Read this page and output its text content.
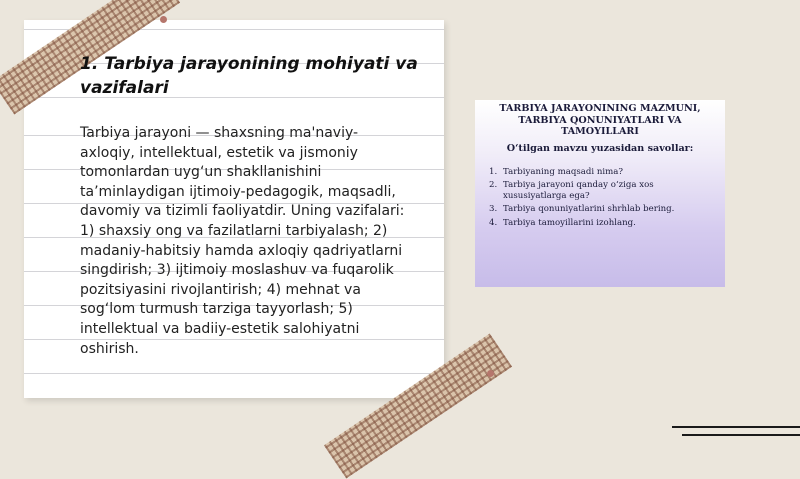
1. Tarbiya jarayonining mohiyati va vazifalari

Tarbiya jarayoni — shaxsning ma'naviy-axloqiy, intellektual, estetik va jismoniy tomonlardan uyg‘un shakllanishini ta’minlaydigan ijtimoiy-pedagogik, maqsadli, davomiy va tizimli faoliyatdir. Uning vazifalari: 1) shaxsiy ong va fazilatlarni tarbiyalash; 2) madaniy-habitsiy hamda axloqiy qadriyatlarni singdirish; 3) ijtimoiy moslashuv va fuqarolik pozitsiyasini rivojlantirish; 4) mehnat va sog‘lom turmush tarziga tayyorlash; 5) intellektual va badiiy-estetik salohiyatni oshirish.

TARBIYA JARAYONINING MAZMUNI, TARBIYA QONUNIYATLARI VA TAMOYILLARI

O‘tilgan mavzu yuzasidan savollar:

1. Tarbiyaning maqsadi nima?
2. Tarbiya jarayoni qanday o‘ziga xos xususiyatlarga ega?
3. Tarbiya qonuniyatlarini shrhlab bering.
4. Tarbiya tamoyillarini izohlang.
